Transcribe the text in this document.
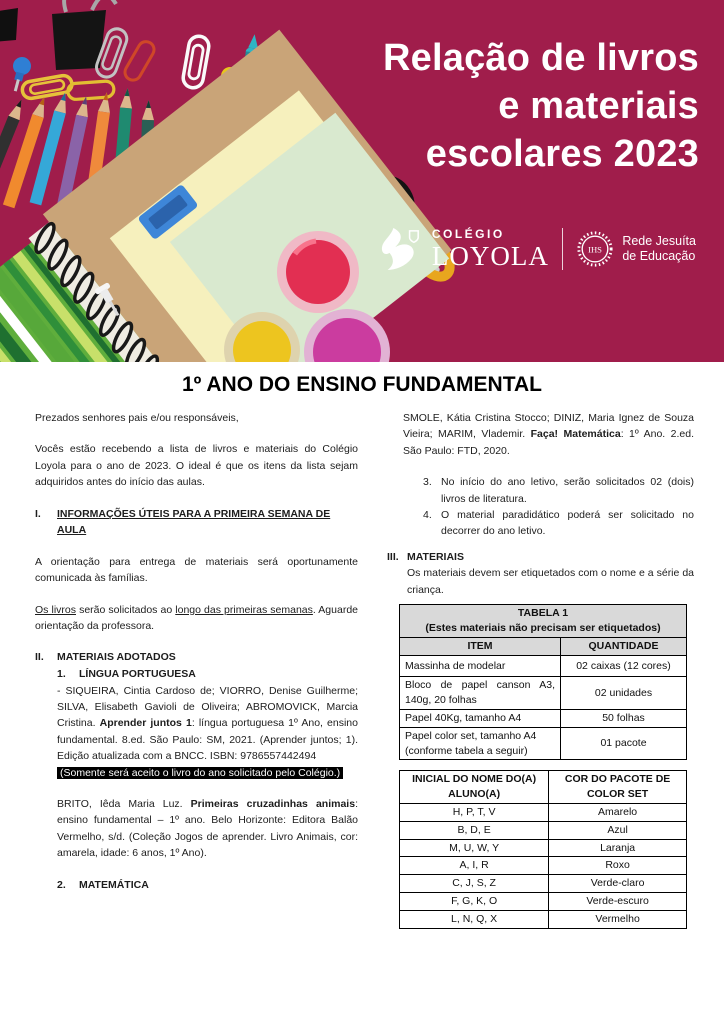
Relação de livros
e materiais
escolares 2023
COLÉGIO
LOYOLA	IHS
Rede Jesuíta
de Educação
1º ANO DO ENSINO FUNDAMENTAL

Prezados senhores pais e/ou responsáveis,

Vocês estão recebendo a lista de livros e materiais do Colégio Loyola para o ano de 2023. O ideal é que os itens da lista sejam adquiridos antes do início das aulas.

I.	INFORMAÇÕES ÚTEIS PARA A PRIMEIRA SEMANA DE AULA

A orientação para entrega de materiais será oportunamente comunicada às famílias.

Os livros serão solicitados ao longo das primeiras semanas. Aguarde orientação da professora.

II.	MATERIAIS ADOTADOS
1.	LÍNGUA PORTUGUESA

- SIQUEIRA, Cintia Cardoso de; VIORRO, Denise Guilherme; SILVA, Elisabeth Gavioli de Oliveira; ABROMOVICK, Marcia Cristina. Aprender juntos 1: língua portuguesa 1º Ano, ensino fundamental. 8.ed. São Paulo: SM, 2021. (Aprender juntos; 1). Edição atualizada com a BNCC. ISBN: 9786557442494

(Somente será aceito o livro do ano solicitado pelo Colégio.)

BRITO, Iêda Maria Luz. Primeiras cruzadinhas animais: ensino fundamental – 1º ano. Belo Horizonte: Editora Balão Vermelho, s/d. (Coleção Jogos de aprender. Livro Animais, cor: amarela, idade: 6 anos, 1º Ano).

2.	MATEMÁTICA

SMOLE, Kátia Cristina Stocco; DINIZ, Maria Ignez de Souza Vieira; MARIM, Vlademir. Faça! Matemática: 1º Ano. 2.ed. São Paulo: FTD, 2020.

3. No início do ano letivo, serão solicitados 02 (dois) livros de literatura.
4. O material paradidático poderá ser solicitado no decorrer do ano letivo.
III. MATERIAIS

Os materiais devem ser etiquetados com o nome e a série da criança.

TABELA 1
(Estes materiais não precisam ser etiquetados)	

ITEM	QUANTIDADE
Massinha de modelar	02 caixas (12 cores)
Bloco de papel canson A3, 140g, 20 folhas	02 unidades
Papel 40Kg, tamanho A4	50 folhas
Papel color set, tamanho A4 (conforme tabela a seguir)	01 pacote
INICIAL DO NOME DO(A) ALUNO(A)	COR DO PACOTE DE COLOR SET
H, P, T, V	Amarelo
B, D, E	Azul
M, U, W, Y	Laranja
A, I, R	Roxo
C, J, S, Z	Verde-claro
F, G, K, O	Verde-escuro
L, N, Q, X	Vermelho
